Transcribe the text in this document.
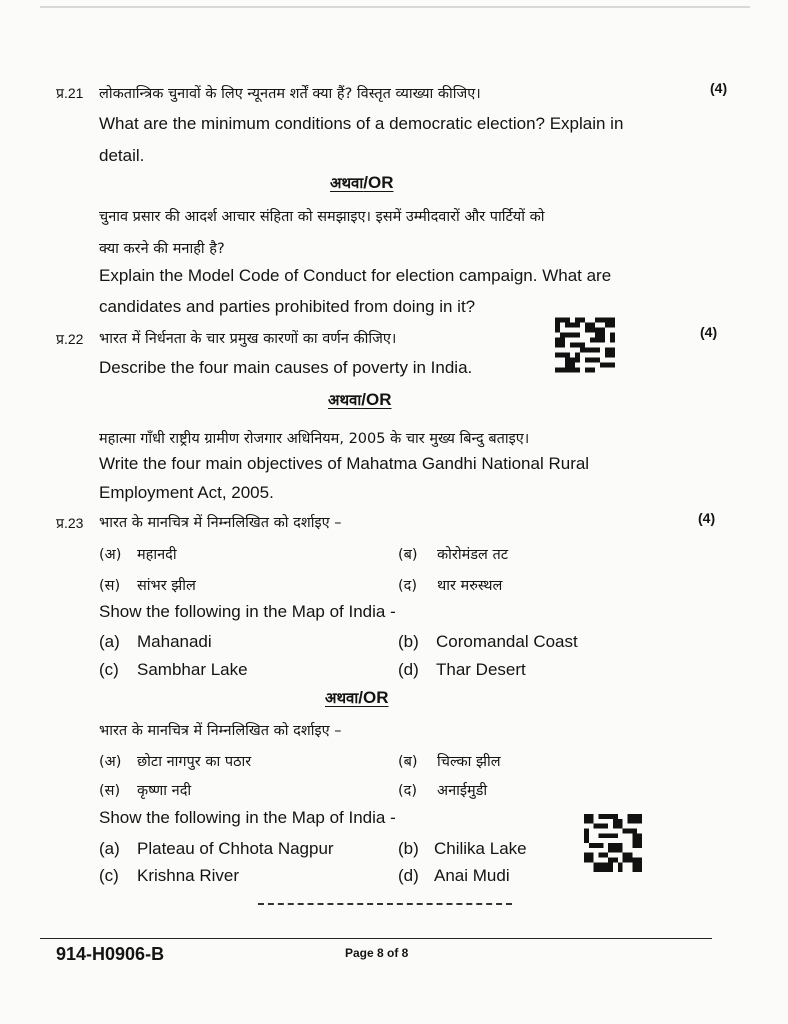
प्र.21 लोकतान्त्रिक चुनावों के लिए न्यूनतम शर्तें क्या हैं? विस्तृत व्याख्या कीजिए।	(4)
What are the minimum conditions of a democratic election? Explain in
detail.
अथवा/OR
चुनाव प्रसार की आदर्श आचार संहिता को समझाइए। इसमें उम्मीदवारों और पार्टियों को
क्या करने की मनाही है?
Explain the Model Code of Conduct for election campaign. What are
candidates and parties prohibited from doing in it?
प्र.22 भारत में निर्धनता के चार प्रमुख कारणों का वर्णन कीजिए।	(4)
Describe the four main causes of poverty in India.
अथवा/OR
महात्मा गाँधी राष्ट्रीय ग्रामीण रोजगार अधिनियम, 2005 के चार मुख्य बिन्दु बताइए।
Write the four main objectives of Mahatma Gandhi National Rural
Employment Act, 2005.
प्र.23 भारत के मानचित्र में निम्नलिखित को दर्शाइए –	(4)
(अ) महानदी	(ब) कोरोमंडल तट
(स) सांभर झील	(द) थार मरुस्थल
Show the following in the Map of India -
(a) Mahanadi	(b) Coromandal Coast
(c) Sambhar Lake	(d) Thar Desert
अथवा/OR
भारत के मानचित्र में निम्नलिखित को दर्शाइए –
(अ) छोटा नागपुर का पठार	(ब) चिल्का झील
(स) कृष्णा नदी	(द) अनाईमुडी
Show the following in the Map of India -
(a) Plateau of Chhota Nagpur	(b) Chilika Lake
(c) Krishna River	(d) Anai Mudi
914-H0906-B	Page 8 of 8
